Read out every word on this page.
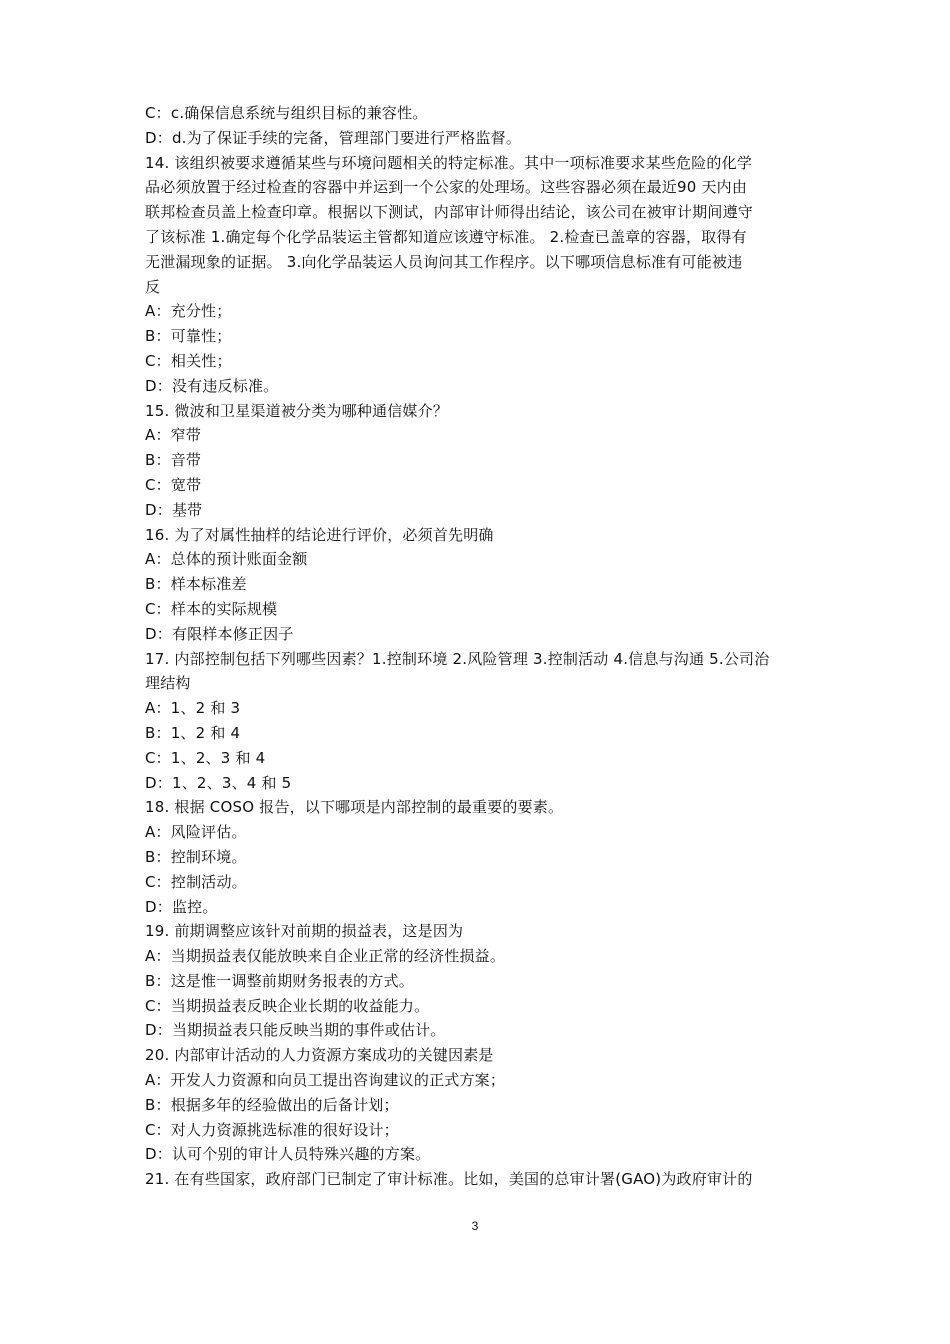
C：c.确保信息系统与组织目标的兼容性。
D：d.为了保证手续的完备，管理部门要进行严格监督。
14. 该组织被要求遵循某些与环境问题相关的特定标准。其中一项标准要求某些危险的化学
品必须放置于经过检查的容器中并运到一个公家的处理场。这些容器必须在最近90 天内由
联邦检查员盖上检查印章。根据以下测试，内部审计师得出结论，该公司在被审计期间遵守
了该标准 1.确定每个化学品装运主管都知道应该遵守标准。 2.检查已盖章的容器，取得有
无泄漏现象的证据。 3.向化学品装运人员询问其工作程序。以下哪项信息标准有可能被违
反
A：充分性；
B：可靠性；
C：相关性；
D：没有违反标准。
15. 微波和卫星渠道被分类为哪种通信媒介？
A：窄带
B：音带
C：宽带
D：基带
16. 为了对属性抽样的结论进行评价，必须首先明确
A：总体的预计账面金额
B：样本标准差
C：样本的实际规模
D：有限样本修正因子
17. 内部控制包括下列哪些因素？1.控制环境 2.风险管理 3.控制活动 4.信息与沟通 5.公司治
理结构
A：1、2 和 3
B：1、2 和 4
C：1、2、3 和 4
D：1、2、3、4 和 5
18. 根据 COSO 报告，以下哪项是内部控制的最重要的要素。
A：风险评估。
B：控制环境。
C：控制活动。
D：监控。
19. 前期调整应该针对前期的损益表，这是因为
A：当期损益表仅能放映来自企业正常的经济性损益。
B：这是惟一调整前期财务报表的方式。
C：当期损益表反映企业长期的收益能力。
D：当期损益表只能反映当期的事件或估计。
20. 内部审计活动的人力资源方案成功的关键因素是
A：开发人力资源和向员工提出咨询建议的正式方案；
B：根据多年的经验做出的后备计划；
C：对人力资源挑选标准的很好设计；
D：认可个别的审计人员特殊兴趣的方案。
21. 在有些国家，政府部门已制定了审计标准。比如，美国的总审计署(GAO)为政府审计的
3
